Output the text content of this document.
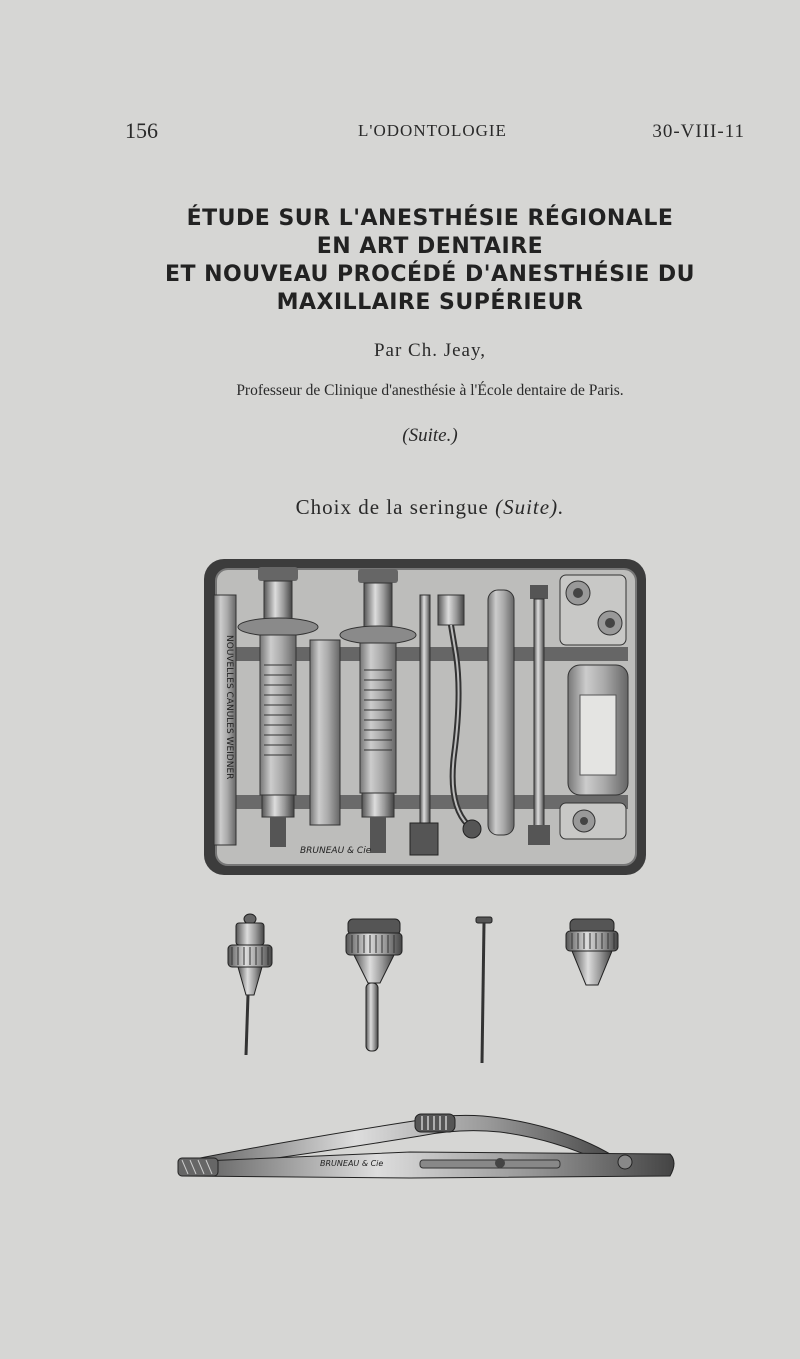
156	L'ODONTOLOGIE	30-VIII-11
ÉTUDE SUR L'ANESTHÉSIE RÉGIONALE
EN ART DENTAIRE
ET NOUVEAU PROCÉDÉ D'ANESTHÉSIE DU
MAXILLAIRE SUPÉRIEUR
Par Ch. Jeay,
Professeur de Clinique d'anesthésie à l'École dentaire de Paris.
(Suite.)
Choix de la seringue (Suite).
NOUVELLES CANULES WEIDNER
BRUNEAU & Cie
BRUNEAU & Cie
